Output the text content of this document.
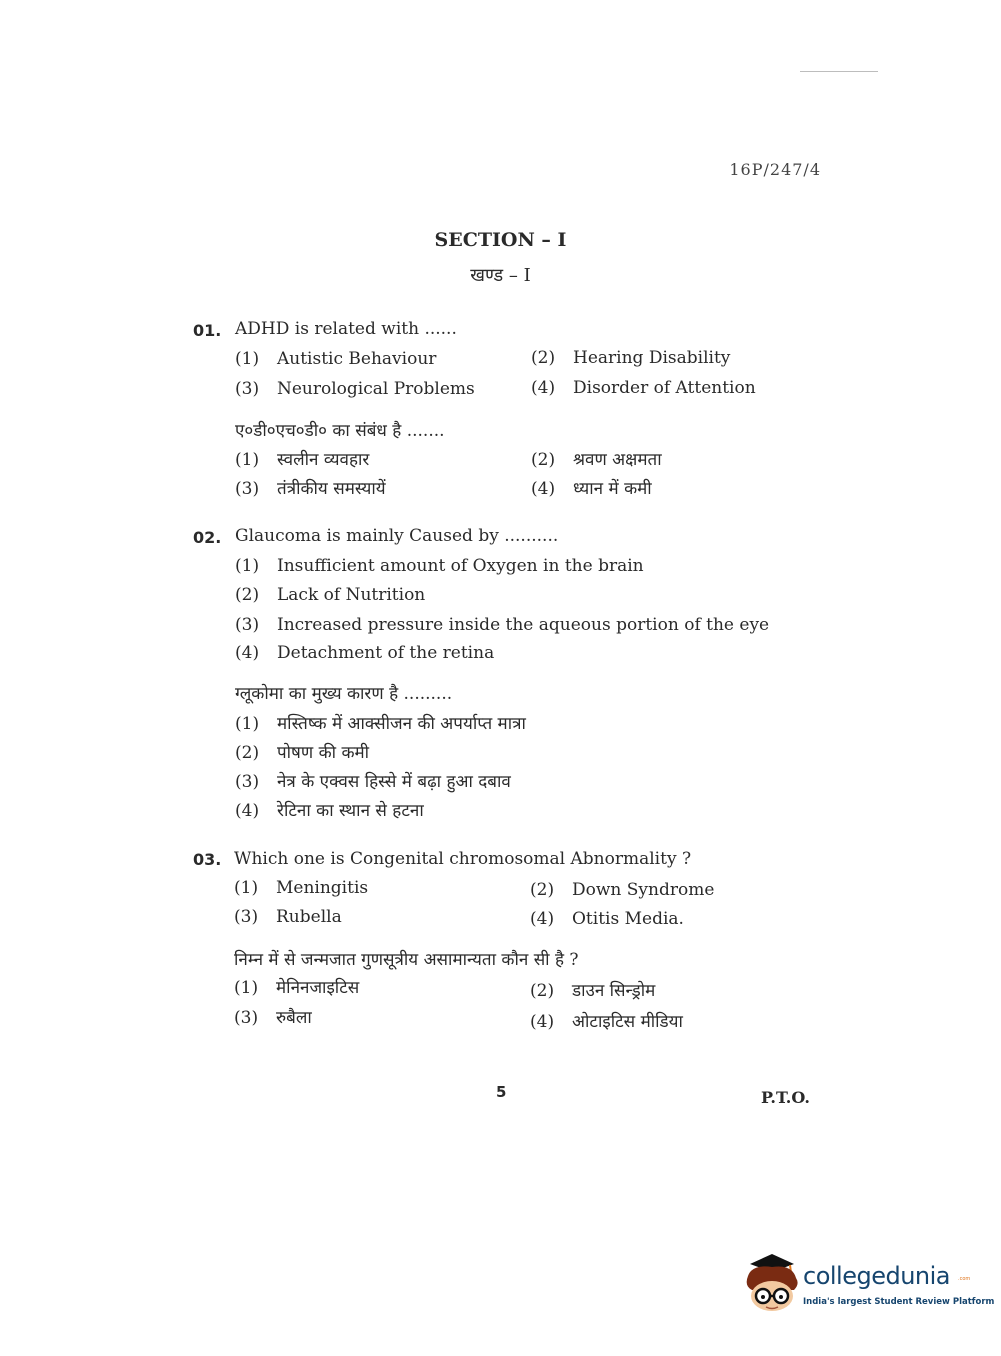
16P/247/4
SECTION – I
खण्ड – I
01. ADHD is related with ......
(1) Autistic Behaviour	(2) Hearing Disability
(3) Neurological Problems	(4) Disorder of Attention
ए०डी०एच०डी० का संबंध है .......
(1) स्वलीन व्यवहार	(2) श्रवण अक्षमता
(3) तंत्रीकीय समस्यायें	(4) ध्यान में कमी
02. Glaucoma is mainly Caused by ..........
(1) Insufficient amount of Oxygen in the brain
(2) Lack of Nutrition
(3) Increased pressure inside the aqueous portion of the eye
(4) Detachment of the retina
ग्लूकोमा का मुख्य कारण है .........
(1) मस्तिष्क में आक्सीजन की अपर्याप्त मात्रा
(2) पोषण की कमी
(3) नेत्र के एक्वस हिस्से में बढ़ा हुआ दबाव
(4) रेटिना का स्थान से हटना
03. Which one is Congenital chromosomal Abnormality ?
(1) Meningitis	(2) Down Syndrome
(3) Rubella	(4) Otitis Media.
निम्न में से जन्मजात गुणसूत्रीय असामान्यता कौन सी है ?
(1) मेनिनजाइटिस	(2) डाउन सिन्ड्रोम
(3) रुबैला	(4) ओटाइटिस मीडिया
5	P.T.O.
collegedunia .com
India's largest Student Review Platform
